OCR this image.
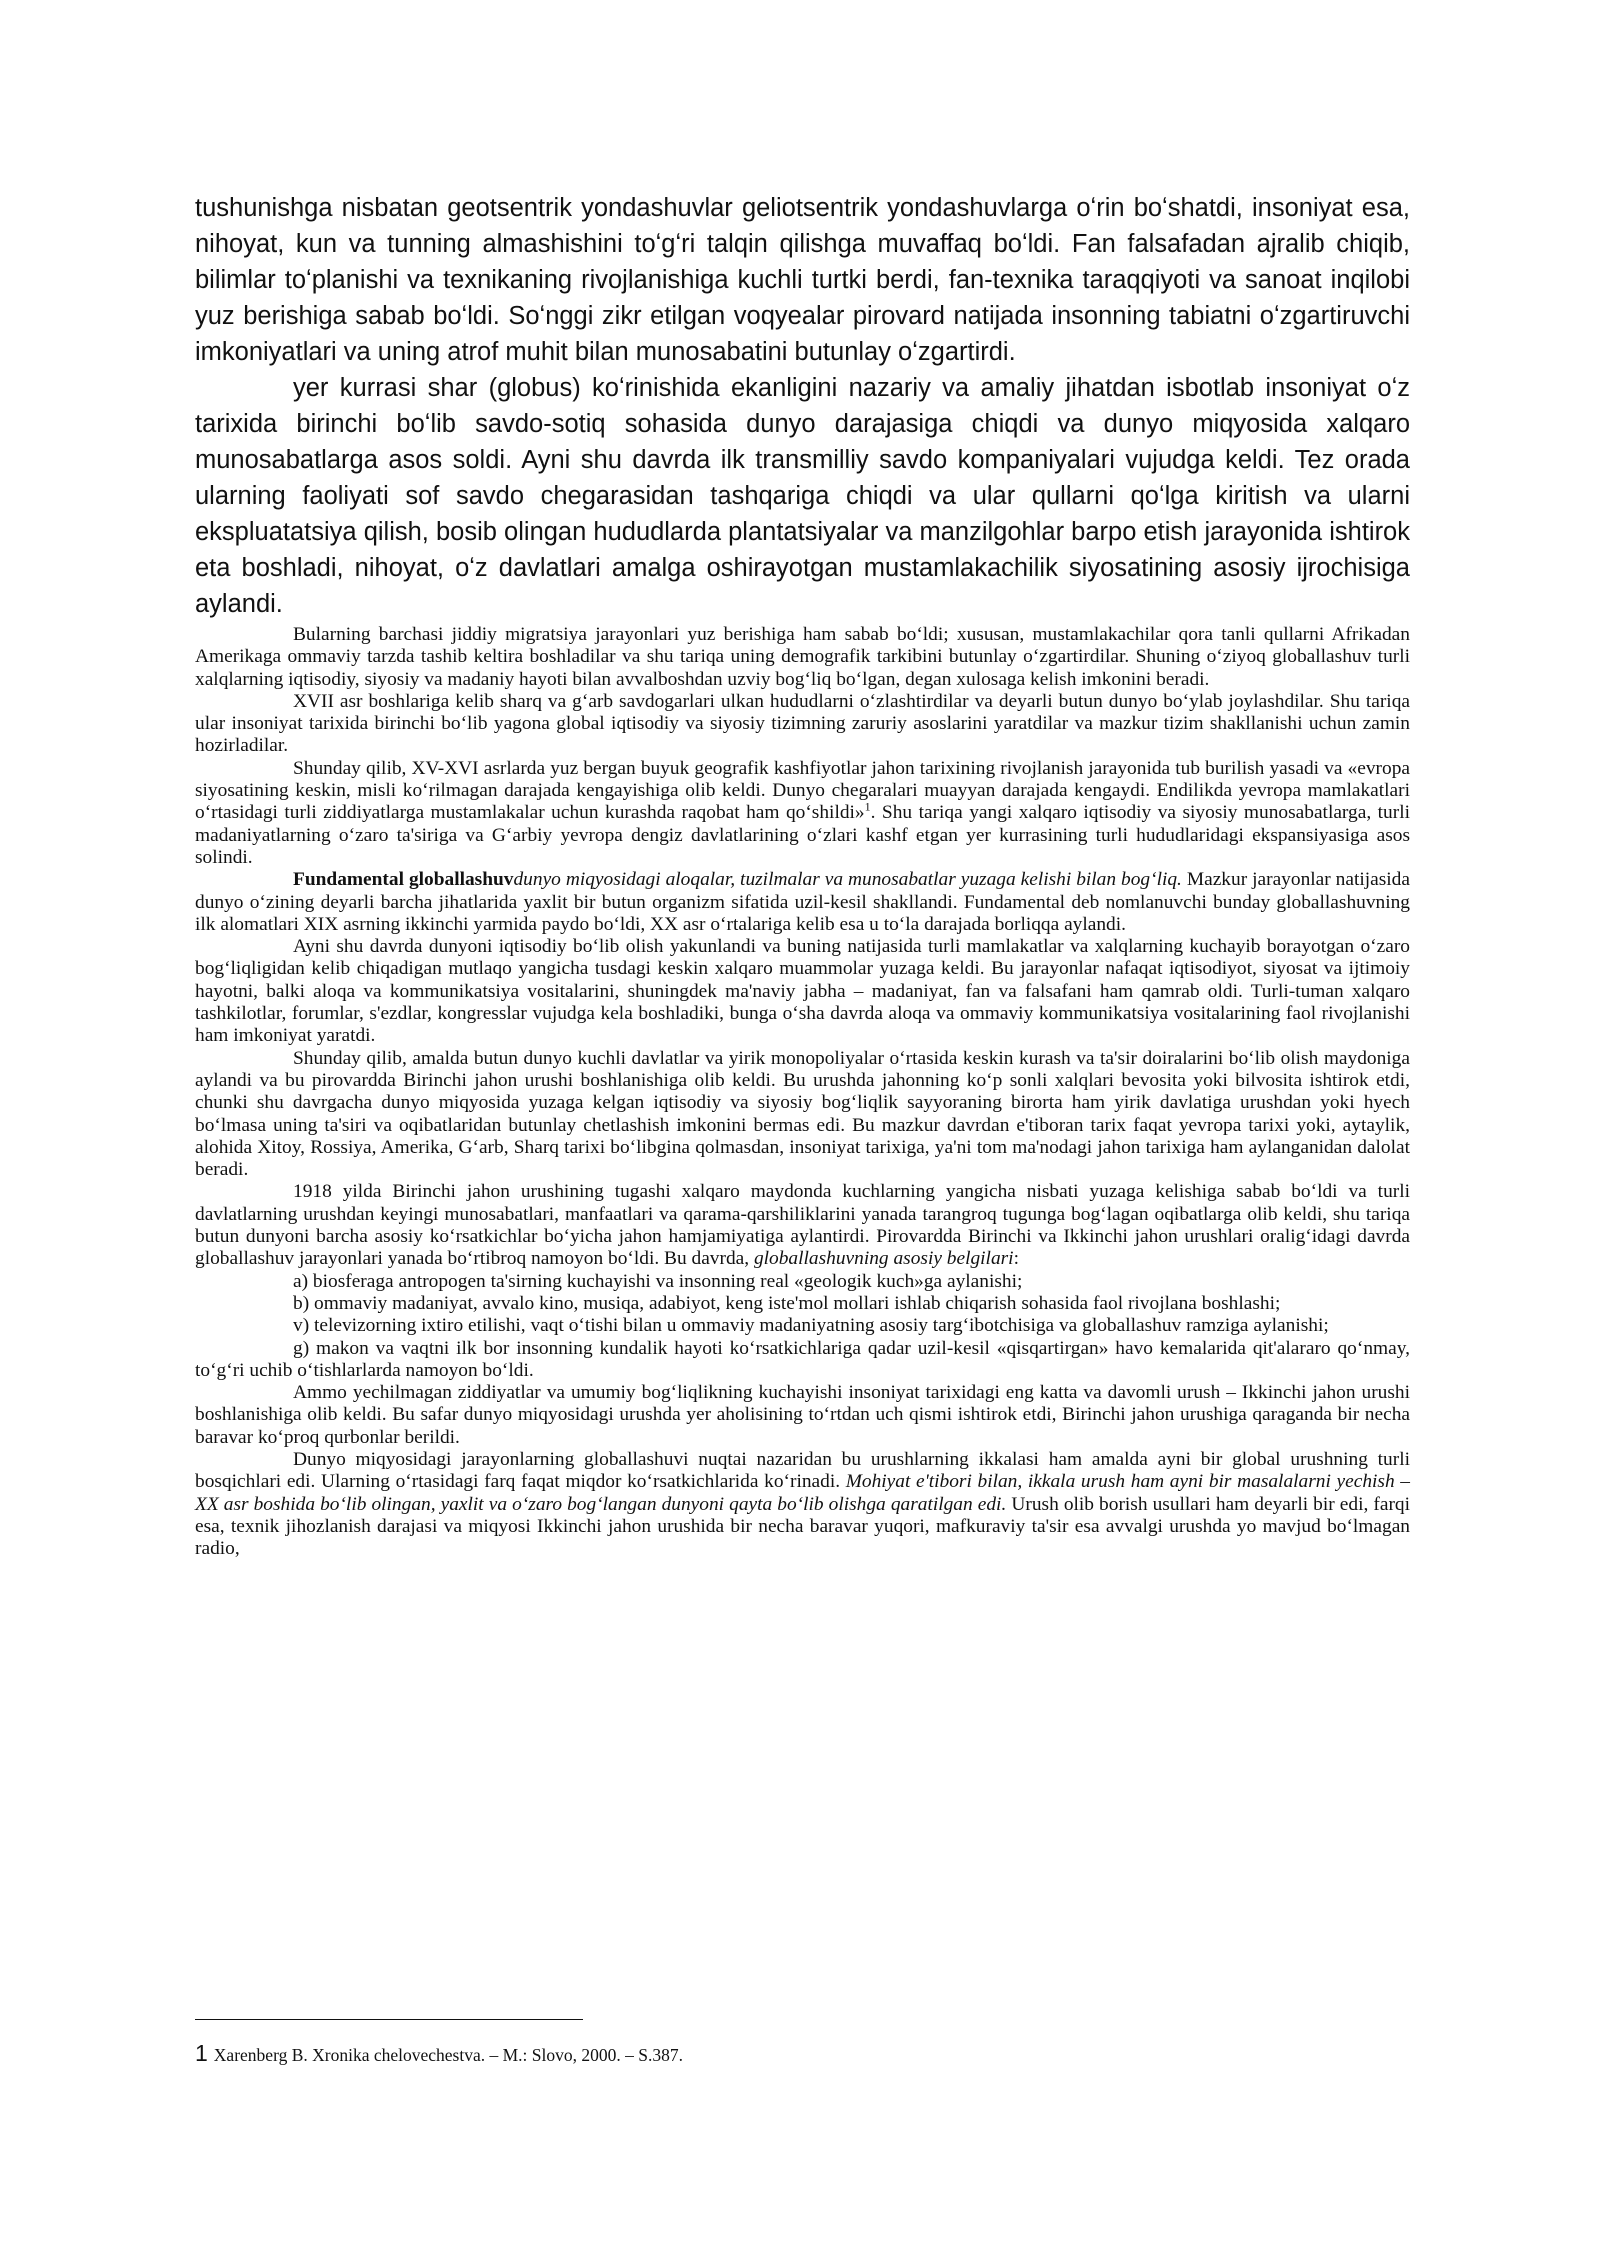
tushunishga nisbatan geotsentrik yondashuvlar geliotsentrik yondashuvlarga oʻrin boʻshatdi, insoniyat esa, nihoyat, kun va tunning almashishini toʻgʻri talqin qilishga muvaffaq boʻldi. Fan falsafadan ajralib chiqib, bilimlar toʻplanishi va texnikaning rivojlanishiga kuchli turtki berdi, fan-texnika taraqqiyoti va sanoat inqilobi yuz berishiga sabab boʻldi. Soʻnggi zikr etilgan voqyealar pirovard natijada insonning tabiatni oʻzgartiruvchi imkoniyatlari va uning atrof muhit bilan munosabatini butunlay oʻzgartirdi.

yer kurrasi shar (globus) koʻrinishida ekanligini nazariy va amaliy jihatdan isbotlab insoniyat oʻz tarixida birinchi boʻlib savdo-sotiq sohasida dunyo darajasiga chiqdi va dunyo miqyosida xalqaro munosabatlarga asos soldi. Ayni shu davrda ilk transmilliy savdo kompaniyalari vujudga keldi. Tez orada ularning faoliyati sof savdo chegarasidan tashqariga chiqdi va ular qullarni qoʻlga kiritish va ularni ekspluatatsiya qilish, bosib olingan hududlarda plantatsiyalar va manzilgohlar barpo etish jarayonida ishtirok eta boshladi, nihoyat, oʻz davlatlari amalga oshirayotgan mustamlakachilik siyosatining asosiy ijrochisiga aylandi.

Bularning barchasi jiddiy migratsiya jarayonlari yuz berishiga ham sabab boʻldi; xususan, mustamlakachilar qora tanli qullarni Afrikadan Amerikaga ommaviy tarzda tashib keltira boshladilar va shu tariqa uning demografik tarkibini butunlay oʻzgartirdilar. Shuning oʻziyoq globallashuv turli xalqlarning iqtisodiy, siyosiy va madaniy hayoti bilan avvalboshdan uzviy bogʻliq boʻlgan, degan xulosaga kelish imkonini beradi.

XVII asr boshlariga kelib sharq va gʻarb savdogarlari ulkan hududlarni oʻzlashtirdilar va deyarli butun dunyo boʻylab joylashdilar. Shu tariqa ular insoniyat tarixida birinchi boʻlib yagona global iqtisodiy va siyosiy tizimning zaruriy asoslarini yaratdilar va mazkur tizim shakllanishi uchun zamin hozirladilar.

Shunday qilib, XV-XVI asrlarda yuz bergan buyuk geografik kashfiyotlar jahon tarixining rivojlanish jarayonida tub burilish yasadi va «evropa siyosatining keskin, misli koʻrilmagan darajada kengayishiga olib keldi. Dunyo chegaralari muayyan darajada kengaydi. Endilikda yevropa mamlakatlari oʻrtasidagi turli ziddiyatlarga mustamlakalar uchun kurashda raqobat ham qoʻshildi»$^1$. Shu tariqa yangi xalqaro iqtisodiy va siyosiy munosabatlarga, turli madaniyatlarning oʻzaro ta'siriga va Gʻarbiy yevropa dengiz davlatlarining oʻzlari kashf etgan yer kurrasining turli hududlaridagi ekspansiyasiga asos solindi.

Fundamental globallashuvdunyo miqyosidagi aloqalar, tuzilmalar va munosabatlar yuzaga kelishi bilan bogʻliq. Mazkur jarayonlar natijasida dunyo oʻzining deyarli barcha jihatlarida yaxlit bir butun organizm sifatida uzil-kesil shakllandi. Fundamental deb nomlanuvchi bunday globallashuvning ilk alomatlari XIX asrning ikkinchi yarmida paydo boʻldi, XX asr oʻrtalariga kelib esa u toʻla darajada borliqqa aylandi.

Ayni shu davrda dunyoni iqtisodiy boʻlib olish yakunlandi va buning natijasida turli mamlakatlar va xalqlarning kuchayib borayotgan oʻzaro bogʻliqligidan kelib chiqadigan mutlaqo yangicha tusdagi keskin xalqaro muammolar yuzaga keldi. Bu jarayonlar nafaqat iqtisodiyot, siyosat va ijtimoiy hayotni, balki aloqa va kommunikatsiya vositalarini, shuningdek ma'naviy jabha – madaniyat, fan va falsafani ham qamrab oldi. Turli-tuman xalqaro tashkilotlar, forumlar, s'ezdlar, kongresslar vujudga kela boshladiki, bunga oʻsha davrda aloqa va ommaviy kommunikatsiya vositalarining faol rivojlanishi ham imkoniyat yaratdi.

Shunday qilib, amalda butun dunyo kuchli davlatlar va yirik monopoliyalar oʻrtasida keskin kurash va ta'sir doiralarini boʻlib olish maydoniga aylandi va bu pirovardda Birinchi jahon urushi boshlanishiga olib keldi. Bu urushda jahonning koʻp sonli xalqlari bevosita yoki bilvosita ishtirok etdi, chunki shu davrgacha dunyo miqyosida yuzaga kelgan iqtisodiy va siyosiy bogʻliqlik sayyoraning birorta ham yirik davlatiga urushdan yoki hyech boʻlmasa uning ta'siri va oqibatlaridan butunlay chetlashish imkonini bermas edi. Bu mazkur davrdan e'tiboran tarix faqat yevropa tarixi yoki, aytaylik, alohida Xitoy, Rossiya, Amerika, Gʻarb, Sharq tarixi boʻlibgina qolmasdan, insoniyat tarixiga, ya'ni tom ma'nodagi jahon tarixiga ham aylanganidan dalolat beradi.

1918 yilda Birinchi jahon urushining tugashi xalqaro maydonda kuchlarning yangicha nisbati yuzaga kelishiga sabab boʻldi va turli davlatlarning urushdan keyingi munosabatlari, manfaatlari va qarama-qarshiliklarini yanada tarangroq tugunga bogʻlagan oqibatlarga olib keldi, shu tariqa butun dunyoni barcha asosiy koʻrsatkichlar boʻyicha jahon hamjamiyatiga aylantirdi. Pirovardda Birinchi va Ikkinchi jahon urushlari oraligʻidagi davrda globallashuv jarayonlari yanada boʻrtibroq namoyon boʻldi. Bu davrda, globallashuvning asosiy belgilari:

a) biosferaga antropogen ta'sirning kuchayishi va insonning real «geologik kuch»ga aylanishi;

b) ommaviy madaniyat, avvalo kino, musiqa, adabiyot, keng iste'mol mollari ishlab chiqarish sohasida faol rivojlana boshlashi;

v) televizorning ixtiro etilishi, vaqt oʻtishi bilan u ommaviy madaniyatning asosiy targʻibotchisiga va globallashuv ramziga aylanishi;

g) makon va vaqtni ilk bor insonning kundalik hayoti koʻrsatkichlariga qadar uzil-kesil «qisqartirgan» havo kemalarida qit'alararo qoʻnmay, toʻgʻri uchib oʻtishlarlarda namoyon boʻldi.

Ammo yechilmagan ziddiyatlar va umumiy bogʻliqlikning kuchayishi insoniyat tarixidagi eng katta va davomli urush – Ikkinchi jahon urushi boshlanishiga olib keldi. Bu safar dunyo miqyosidagi urushda yer aholisining toʻrtdan uch qismi ishtirok etdi, Birinchi jahon urushiga qaraganda bir necha baravar koʻproq qurbonlar berildi.

Dunyo miqyosidagi jarayonlarning globallashuvi nuqtai nazaridan bu urushlarning ikkalasi ham amalda ayni bir global urushning turli bosqichlari edi. Ularning oʻrtasidagi farq faqat miqdor koʻrsatkichlarida koʻrinadi. Mohiyat e'tibori bilan, ikkala urush ham ayni bir masalalarni yechish – XX asr boshida boʻlib olingan, yaxlit va oʻzaro bogʻlangan dunyoni qayta boʻlib olishga qaratilgan edi. Urush olib borish usullari ham deyarli bir edi, farqi esa, texnik jihozlanish darajasi va miqyosi Ikkinchi jahon urushida bir necha baravar yuqori, mafkuraviy ta'sir esa avvalgi urushda yo mavjud boʻlmagan radio,

1 Xarenberg B. Xronika chelovechestva. – M.: Slovo, 2000. – S.387.
